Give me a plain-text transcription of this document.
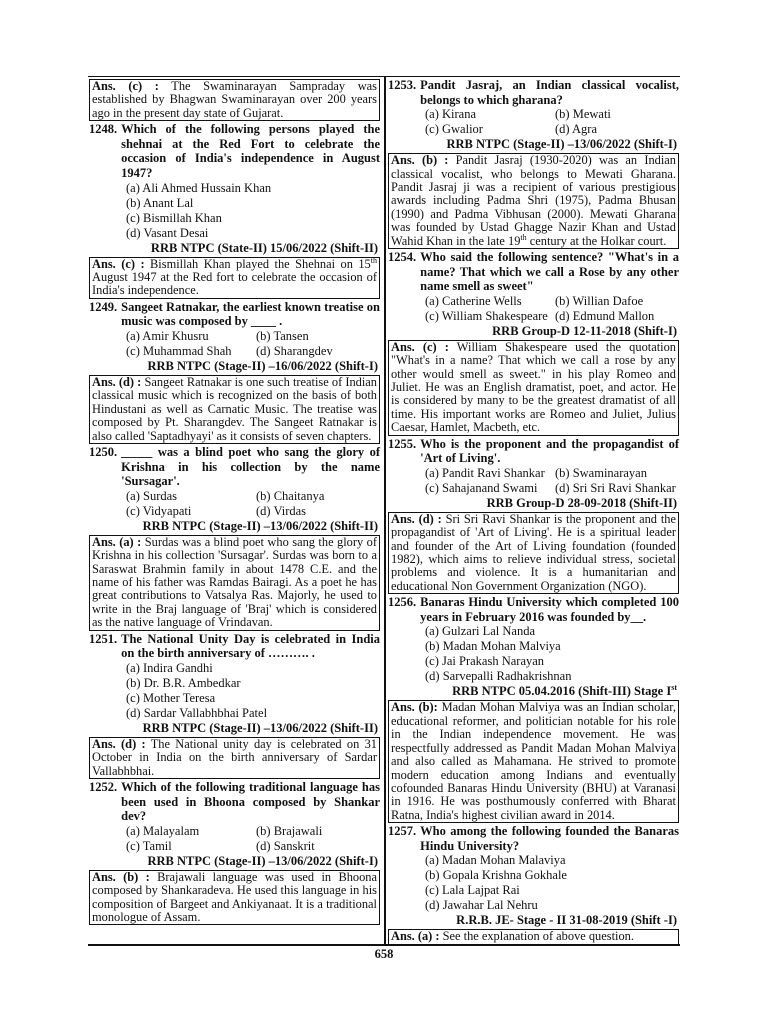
Ans. (c) : The Swaminarayan Sampraday was established by Bhagwan Swaminarayan over 200 years ago in the present day state of Gujarat.
1248. Which of the following persons played the shehnai at the Red Fort to celebrate the occasion of India's independence in August 1947?
(a) Ali Ahmed Hussain Khan
(b) Anant Lal
(c) Bismillah Khan
(d) Vasant Desai
RRB NTPC (State-II) 15/06/2022 (Shift-II)
Ans. (c) : Bismillah Khan played the Shehnai on 15th August 1947 at the Red fort to celebrate the occasion of India's independence.
1249. Sangeet Ratnakar, the earliest known treatise on music was composed by ____ .
(a) Amir Khusru	(b) Tansen
(c) Muhammad Shah	(d) Sharangdev
RRB NTPC (Stage-II) –16/06/2022 (Shift-I)
Ans. (d) : Sangeet Ratnakar is one such treatise of Indian classical music which is recognized on the basis of both Hindustani as well as Carnatic Music. The treatise was composed by Pt. Sharangdev. The Sangeet Ratnakar is also called 'Saptadhyayi' as it consists of seven chapters.
1250. _____ was a blind poet who sang the glory of Krishna in his collection by the name 'Sursagar'.
(a) Surdas	(b) Chaitanya
(c) Vidyapati	(d) Virdas
RRB NTPC (Stage-II) –13/06/2022 (Shift-II)
Ans. (a) : Surdas was a blind poet who sang the glory of Krishna in his collection 'Sursagar'. Surdas was born to a Saraswat Brahmin family in about 1478 C.E. and the name of his father was Ramdas Bairagi. As a poet he has great contributions to Vatsalya Ras. Majorly, he used to write in the Braj language of 'Braj' which is considered as the native language of Vrindavan.
1251. The National Unity Day is celebrated in India on the birth anniversary of ………. .
(a) Indira Gandhi
(b) Dr. B.R. Ambedkar
(c) Mother Teresa
(d) Sardar Vallabhbhai Patel
RRB NTPC (Stage-II) –13/06/2022 (Shift-II)
Ans. (d) : The National unity day is celebrated on 31 October in India on the birth anniversary of Sardar Vallabhbhai.
1252. Which of the following traditional language has been used in Bhoona composed by Shankar dev?
(a) Malayalam	(b) Brajawali
(c) Tamil	(d) Sanskrit
RRB NTPC (Stage-II) –13/06/2022 (Shift-I)
Ans. (b) : Brajawali language was used in Bhoona composed by Shankaradeva. He used this language in his composition of Bargeet and Ankiyanaat. It is a traditional monologue of Assam.
1253. Pandit Jasraj, an Indian classical vocalist, belongs to which gharana?
(a) Kirana	(b) Mewati
(c) Gwalior	(d) Agra
RRB NTPC (Stage-II) –13/06/2022 (Shift-I)
Ans. (b) : Pandit Jasraj (1930-2020) was an Indian classical vocalist, who belongs to Mewati Gharana. Pandit Jasraj ji was a recipient of various prestigious awards including Padma Shri (1975), Padma Bhusan (1990) and Padma Vibhusan (2000). Mewati Gharana was founded by Ustad Ghagge Nazir Khan and Ustad Wahid Khan in the late 19th century at the Holkar court.
1254. Who said the following sentence? "What's in a name? That which we call a Rose by any other name smell as sweet"
(a) Catherine Wells	(b) Willian Dafoe
(c) William Shakespeare (d) Edmund Mallon
RRB Group-D 12-11-2018 (Shift-I)
Ans. (c) : William Shakespeare used the quotation "What's in a name? That which we call a rose by any other would smell as sweet." in his play Romeo and Juliet. He was an English dramatist, poet, and actor. He is considered by many to be the greatest dramatist of all time. His important works are Romeo and Juliet, Julius Caesar, Hamlet, Macbeth, etc.
1255. Who is the proponent and the propagandist of 'Art of Living'.
(a) Pandit Ravi Shankar (b) Swaminarayan
(c) Sahajanand Swami	(d) Sri Sri Ravi Shankar
RRB Group-D 28-09-2018 (Shift-II)
Ans. (d) : Sri Sri Ravi Shankar is the proponent and the propagandist of 'Art of Living'. He is a spiritual leader and founder of the Art of Living foundation (founded 1982), which aims to relieve individual stress, societal problems and violence. It is a humanitarian and educational Non Government Organization (NGO).
1256. Banaras Hindu University which completed 100 years in February 2016 was founded by__.
(a) Gulzari Lal Nanda
(b) Madan Mohan Malviya
(c) Jai Prakash Narayan
(d) Sarvepalli Radhakrishnan
RRB NTPC 05.04.2016 (Shift-III) Stage Ist
Ans. (b): Madan Mohan Malviya was an Indian scholar, educational reformer, and politician notable for his role in the Indian independence movement. He was respectfully addressed as Pandit Madan Mohan Malviya and also called as Mahamana. He strived to promote modern education among Indians and eventually cofounded Banaras Hindu University (BHU) at Varanasi in 1916. He was posthumously conferred with Bharat Ratna, India's highest civilian award in 2014.
1257. Who among the following founded the Banaras Hindu University?
(a) Madan Mohan Malaviya
(b) Gopala Krishna Gokhale
(c) Lala Lajpat Rai
(d) Jawahar Lal Nehru
R.R.B. JE- Stage - II 31-08-2019 (Shift -I)
Ans. (a) : See the explanation of above question.
658
